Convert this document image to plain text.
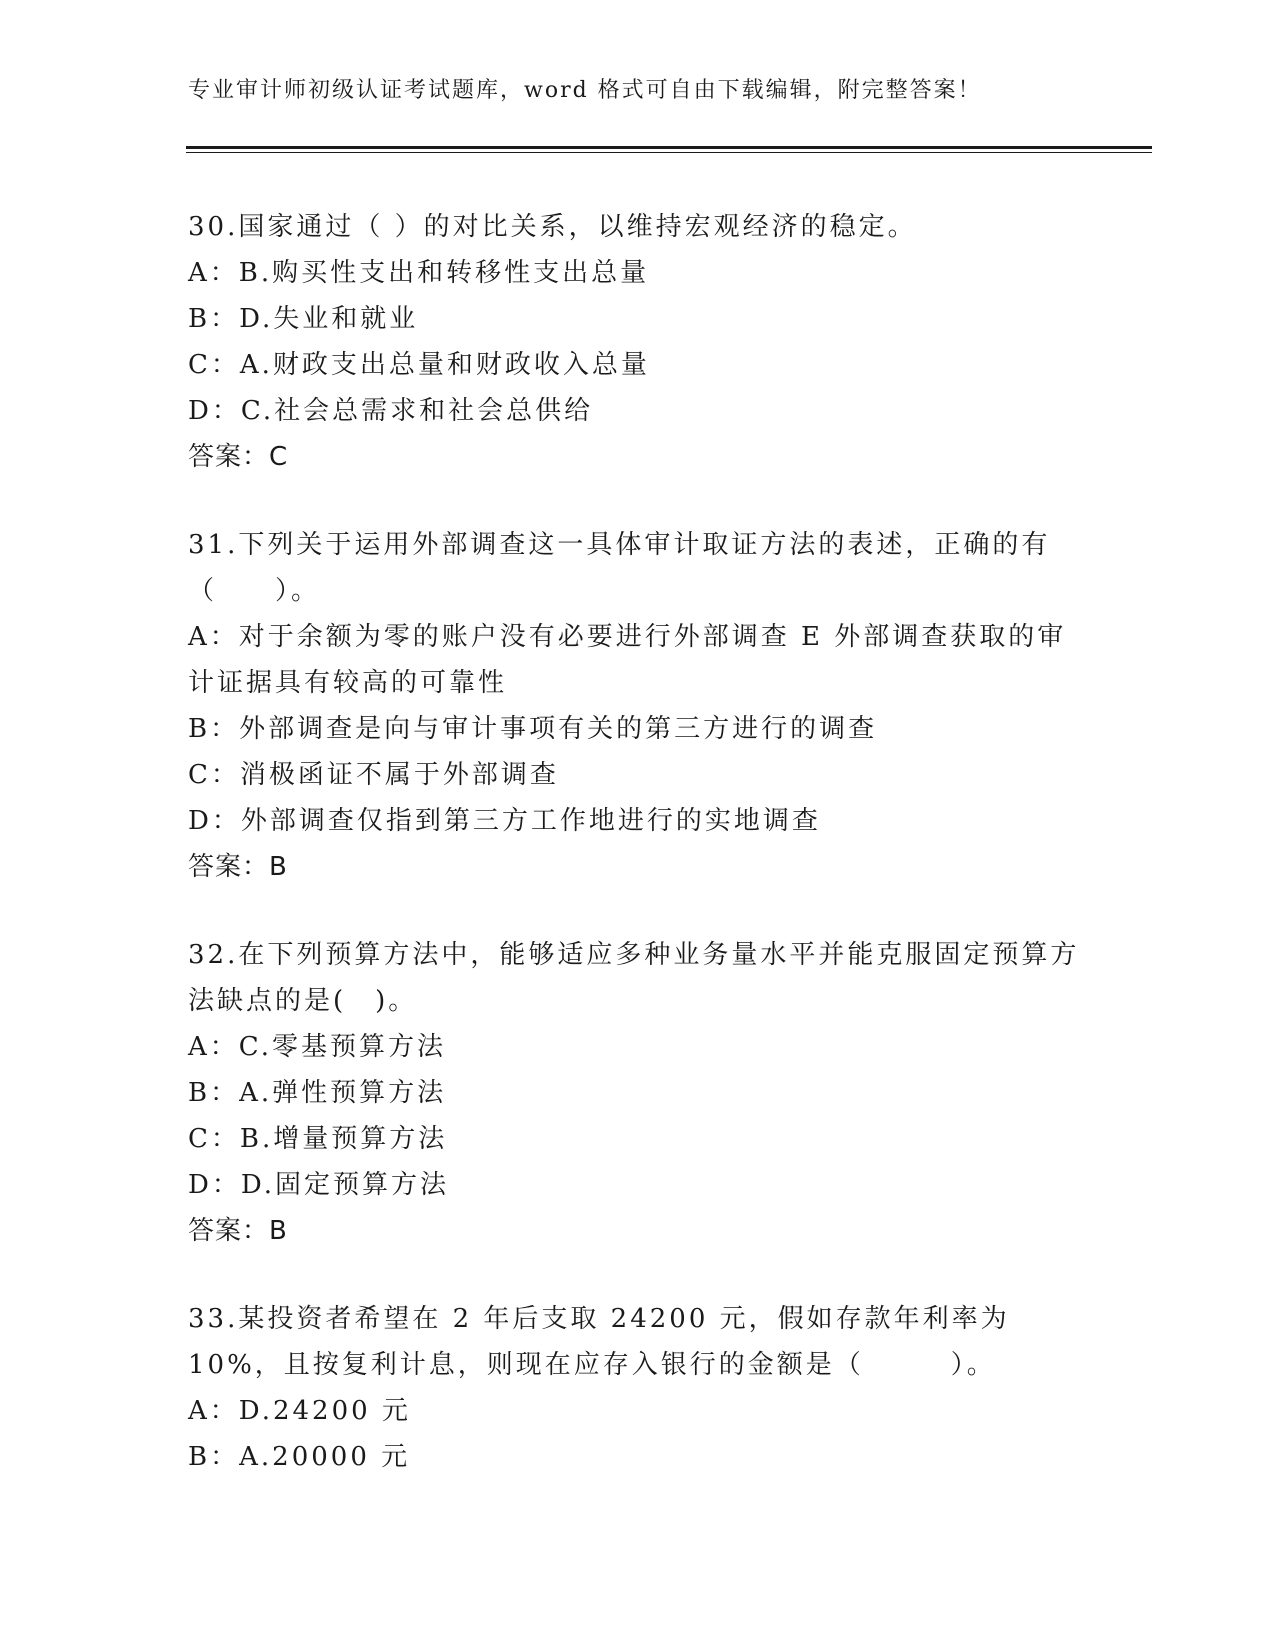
专业审计师初级认证考试题库，word 格式可自由下载编辑，附完整答案！
30.国家通过（ ）的对比关系，以维持宏观经济的稳定。
A：B.购买性支出和转移性支出总量
B：D.失业和就业
C：A.财政支出总量和财政收入总量
D：C.社会总需求和社会总供给
答案：C
31.下列关于运用外部调查这一具体审计取证方法的表述，正确的有（　　）。
A：对于余额为零的账户没有必要进行外部调查 E 外部调查获取的审计证据具有较高的可靠性
B：外部调查是向与审计事项有关的第三方进行的调查
C：消极函证不属于外部调查
D：外部调查仅指到第三方工作地进行的实地调查
答案：B
32.在下列预算方法中，能够适应多种业务量水平并能克服固定预算方法缺点的是(　)。
A：C.零基预算方法
B：A.弹性预算方法
C：B.增量预算方法
D：D.固定预算方法
答案：B
33.某投资者希望在 2 年后支取 24200 元，假如存款年利率为 10%，且按复利计息，则现在应存入银行的金额是（　　　）。
A：D.24200 元
B：A.20000 元
